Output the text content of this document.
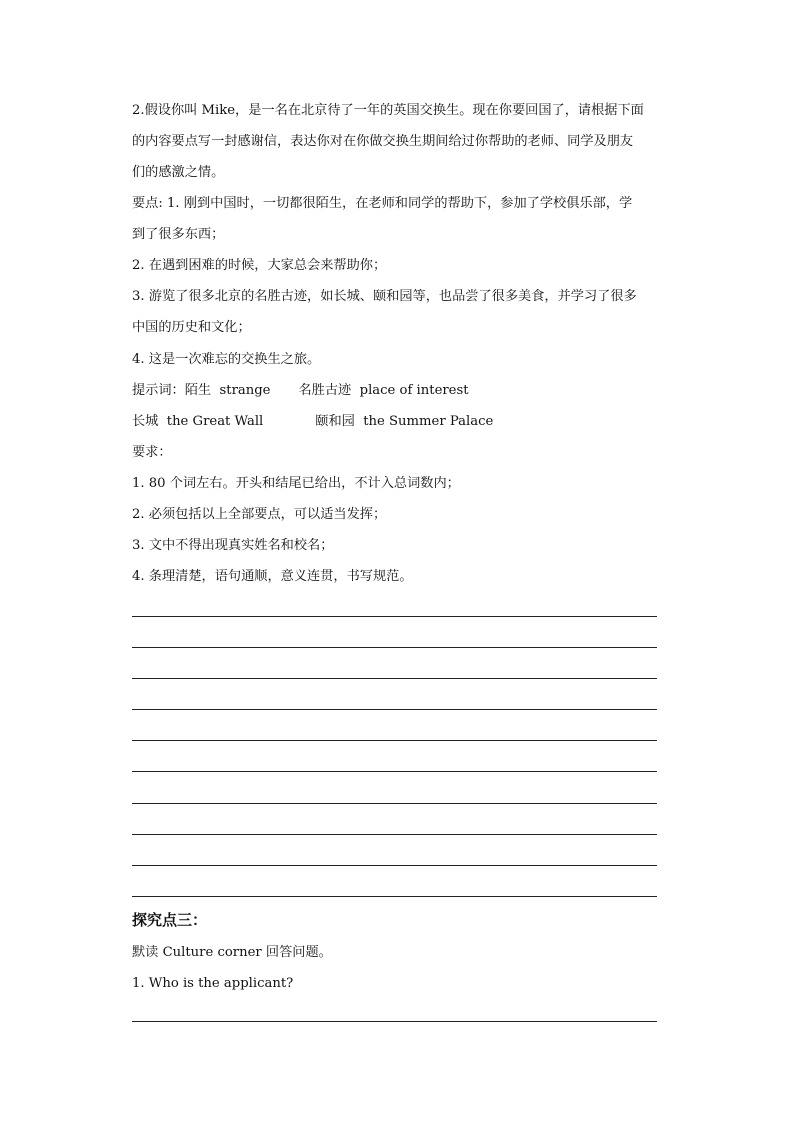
2.假设你叫 Mike，是一名在北京待了一年的英国交换生。现在你要回国了，请根据下面
的内容要点写一封感谢信，表达你对在你做交换生期间给过你帮助的老师、同学及朋友
们的感激之情。
要点: 1. 刚到中国时，一切都很陌生，在老师和同学的帮助下，参加了学校俱乐部，学
到了很多东西；
2. 在遇到困难的时候，大家总会来帮助你；
3. 游览了很多北京的名胜古迹，如长城、颐和园等，也品尝了很多美食，并学习了很多
中国的历史和文化；
4. 这是一次难忘的交换生之旅。
提示词：陌生 strange 名胜古迹 place of interest
长城 the Great Wall	颐和园 the Summer Palace
要求：
1. 80 个词左右。开头和结尾已给出，不计入总词数内；
2. 必须包括以上全部要点，可以适当发挥；
3. 文中不得出现真实姓名和校名；
4. 条理清楚，语句通顺，意义连贯，书写规范。
探究点三：
默读 Culture corner 回答问题。
1. Who is the applicant?
